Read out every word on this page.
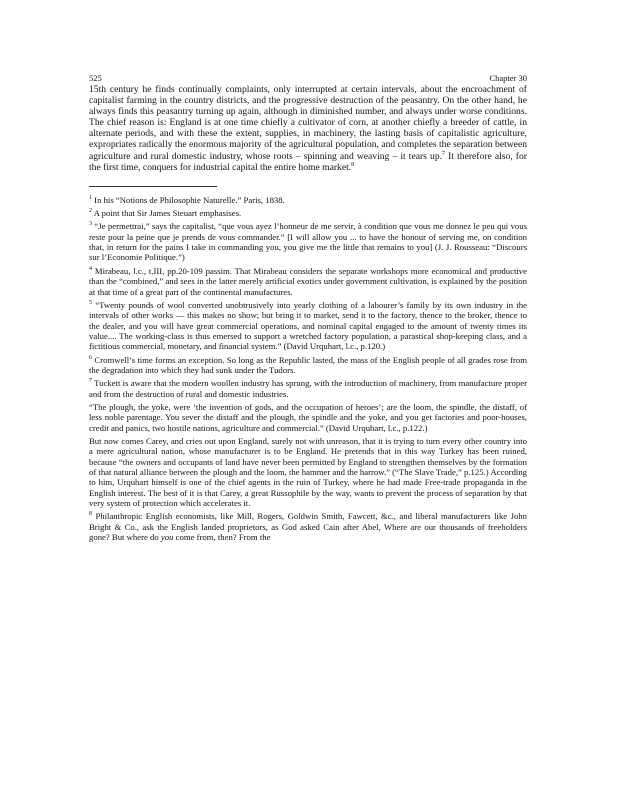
525	Chapter 30

15th century he finds continually complaints, only interrupted at certain intervals, about the encroachment of capitalist farming in the country districts, and the progressive destruction of the peasantry. On the other hand, he always finds this peasantry turning up again, although in diminished number, and always under worse conditions. The chief reason is: England is at one time chiefly a cultivator of corn, at another chiefly a breeder of cattle, in alternate periods, and with these the extent, supplies, in machinery, the lasting basis of capitalistic agriculture, expropriates radically the enormous majority of the agricultural population, and completes the separation between agriculture and rural domestic industry, whose roots – spinning and weaving – it tears up.$^7$ It therefore also, for the first time, conquers for industrial capital the entire home market.$^8$

$^1$ In his “Notions de Philosophie Naturelle.” Paris, 1838.

$^2$ A point that Sir James Steuart emphasises.

$^3$ “Je permettrai,” says the capitalist, “que vous ayez l’honneur de me servir, à condition que vous me donnez le peu qui vous reste pour la peine que je prends de vous commander.” [I will allow you ... to have the honour of serving me, on condition that, in return for the pains I take in commanding you, you give me the little that remains to you] (J. J. Rousseau: “Discours sur l’Economie Politique.”)

$^4$ Mirabeau, l.c., t.III, pp.20-109 passim. That Mirabeau considers the separate workshops more economical and productive than the “combined,” and sees in the latter merely artificial exotics under government cultivation, is explained by the position at that time of a great part of the continental manufactures.

$^5$ “Twenty pounds of wool converted unobtrusively into yearly clothing of a labourer’s family by its own industry in the intervals of other works — this makes no show; but bring it to market, send it to the factory, thence to the broker, thence to the dealer, and you will have great commercial operations, and nominal capital engaged to the amount of twenty times its value.... The working-class is thus emersed to support a wretched factory population, a parastical shop-keeping class, and a fictitious commercial, monetary, and financial system.” (David Urquhart, l.c., p.120.)

$^6$ Cromwell’s time forms an exception. So long as the Republic lasted, the mass of the English people of all grades rose from the degradation into which they had sunk under the Tudors.

$^7$ Tuckett is aware that the modern woollen industry has sprung, with the introduction of machinery, from manufacture proper and from the destruction of rural and domestic industries.

“The plough, the yoke, were ‘the invention of gods, and the occupation of heroes’; are the loom, the spindle, the distaff, of less noble parentage. You sever the distaff and the plough, the spindle and the yoke, and you get factories and poor-houses, credit and panics, two hostile nations, agriculture and commercial.” (David Urquhart, l.c., p.122.)

But now comes Carey, and cries out upon England, surely not with unreason, that it is trying to turn every other country into a mere agricultural nation, whose manufacturer is to be England. He pretends that in this way Turkey has been ruined, because “the owners and occupants of land have never been permitted by England to strengthen themselves by the formation of that natural alliance between the plough and the loom, the hammer and the harrow.” (“The Slave Trade,” p.125.) According to him, Urquhart himself is one of the chief agents in the ruin of Turkey, where he had made Free-trade propaganda in the English interest. The best of it is that Carey, a great Russophile by the way, wants to prevent the process of separation by that very system of protection which accelerates it.

$^8$ Philanthropic English economists, like Mill, Rogers, Goldwin Smith, Fawcett, &c., and liberal manufacturers like John Bright & Co., ask the English landed proprietors, as God asked Cain after Abel, Where are our thousands of freeholders gone? But where do you come from, then? From the
